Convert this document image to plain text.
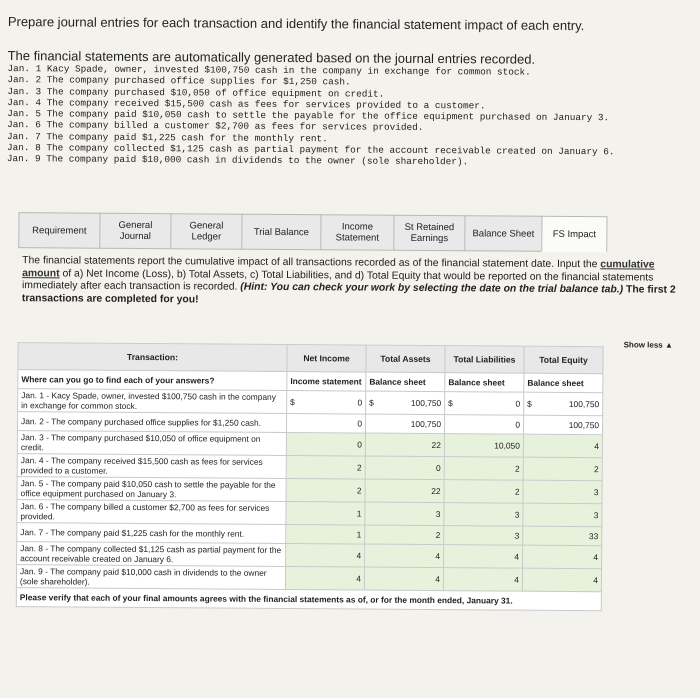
Prepare journal entries for each transaction and identify the financial statement impact of each entry.
The financial statements are automatically generated based on the journal entries recorded.
Jan. 1 Kacy Spade, owner, invested $100,750 cash in the company in exchange for common stock.
Jan. 2 The company purchased office supplies for $1,250 cash.
Jan. 3 The company purchased $10,050 of office equipment on credit.
Jan. 4 The company received $15,500 cash as fees for services provided to a customer.
Jan. 5 The company paid $10,050 cash to settle the payable for the office equipment purchased on January 3.
Jan. 6 The company billed a customer $2,700 as fees for services provided.
Jan. 7 The company paid $1,225 cash for the monthly rent.
Jan. 8 The company collected $1,125 cash as partial payment for the account receivable created on January 6.
Jan. 9 The company paid $10,000 cash in dividends to the owner (sole shareholder).
Requirement	General Journal
General Ledger	Trial Balance	Income Statement
St Retained Earnings	Balance Sheet	FS Impact
The financial statements report the cumulative impact of all transactions recorded as of the financial statement date. Input the cumulative amount of a) Net Income (Loss), b) Total Assets, c) Total Liabilities, and d) Total Equity that would be reported on the financial statements immediately after each transaction is recorded. (Hint: You can check your work by selecting the date on the trial balance tab.) The first 2 transactions are completed for you!
Show less ▲
Transaction:	Net Income	Total Assets	Total Liabilities	Total Equity
Where can you go to find each of your answers?	Income statement	Balance sheet	Balance sheet	Balance sheet
Jan. 1 - Kacy Spade, owner, invested $100,750 cash in the company in exchange for common stock.	$ 0	$ 100,750	$ 0	$ 100,750

Jan. 2 - The company purchased office supplies for $1,250 cash.	0	100,750	0	100,750

Jan. 3 - The company purchased $10,050 of office equipment on credit.	0	22	10,050	4

Jan. 4 - The company received $15,500 cash as fees for services provided to a customer.	2	0	2	2

Jan. 5 - The company paid $10,050 cash to settle the payable for the office equipment purchased on January 3.	2	22	2	3

Jan. 6 - The company billed a customer $2,700 as fees for services provided.	1	3	3	3

Jan. 7 - The company paid $1,225 cash for the monthly rent.	1	2	3	33

Jan. 8 - The company collected $1,125 cash as partial payment for the account receivable created on January 6.	4	4	4	4

Jan. 9 - The company paid $10,000 cash in dividends to the owner (sole shareholder).	4	4	4	4

Please verify that each of your final amounts agrees with the financial statements as of, or for the month ended, January 31.				
